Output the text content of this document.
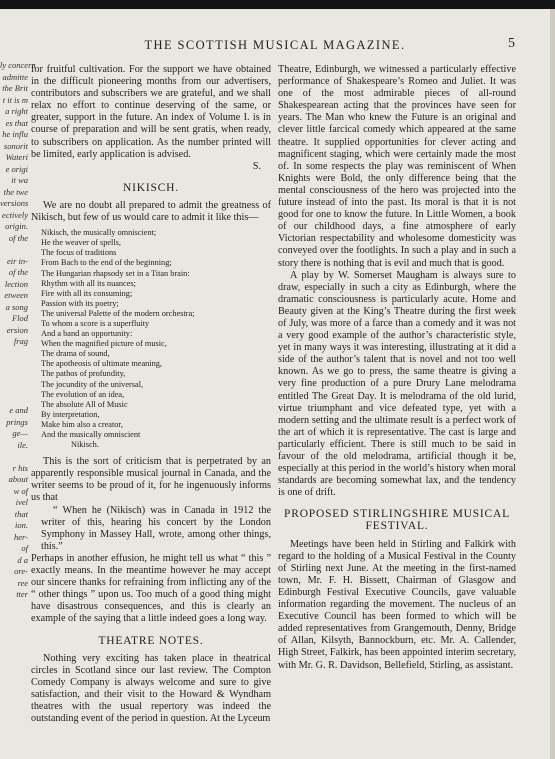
ly concern
admitte
the Brit
t it is m
a right
es that
he influ
sonorit
Wateri
e origi
it wa
the twe
versions
ectively
origin.
of the

eir in-
of the
lection
etween
a song
Flod
ersion
frag

e and
prings
ge—
ile.

r his
about
w of
ivel
that
ion.
her-
of
d a
ore-
ree
tter

THE SCOTTISH MUSICAL MAGAZINE.	5

for fruitful cultivation. For the support we have obtained in the difficult pioneering months from our advertisers, contributors and subscribers we are grateful, and we shall relax no effort to continue deserving of the same, or greater, support in the future. An index of Volume I. is in course of preparation and will be sent gratis, when ready, to subscribers on application. As the number printed will be limited, early application is advised.

S.
NIKISCH.

We are no doubt all prepared to admit the greatness of Nikisch, but few of us would care to admit it like this—

Nikisch, the musically omniscient;
He the weaver of spells,
The focus of traditions
From Bach to the end of the beginning;
The Hungarian rhapsody set in a Titan brain:
Rhythm with all its nuances;
Fire with all its consuming;
Passion with its poetry;
The universal Palette of the modern orchestra;
To whom a score is a superfluity
And a band an opportunity:
When the magnified picture of music,
The drama of sound,
The apotheosis of ultimate meaning,
The pathos of profundity,
The jocundity of the universal,
The evolution of an idea,
The absolute All of Music
By interpretation,
Make him also a creator,
And the musically omniscient
Nikisch.

This is the sort of criticism that is perpetrated by an apparently responsible musical journal in Canada, and the writer seems to be proud of it, for he ingenuously informs us that

“ When he (Nikisch) was in Canada in 1912 the writer of this, hearing his concert by the London Symphony in Massey Hall, wrote, among other things, this.”

Perhaps in another effusion, he might tell us what “ this ” exactly means. In the meantime however he may accept our sincere thanks for refraining from inflicting any of the “ other things ” upon us. Too much of a good thing might have disastrous consequences, and this is clearly an example of the saying that a little indeed goes a long way.

THEATRE NOTES.

Nothing very exciting has taken place in theatrical circles in Scotland since our last review. The Compton Comedy Company is always welcome and sure to give satisfaction, and their visit to the Howard & Wyndham theatres with the usual repertory was indeed the outstanding event of the period in question. At the Lyceum

Theatre, Edinburgh, we witnessed a particularly effective performance of Shakespeare’s Romeo and Juliet. It was one of the most admirable pieces of all-round Shakespearean acting that the provinces have seen for years. The Man who knew the Future is an original and clever little farcical comedy which appeared at the same theatre. It supplied opportunities for clever acting and magnificent staging, which were certainly made the most of. In some respects the play was reminiscent of When Knights were Bold, the only difference being that the mental consciousness of the hero was projected into the future instead of into the past. Its moral is that it is not good for one to know the future. In Little Women, a book of our childhood days, a fine atmosphere of early Victorian respectability and wholesome domesticity was conveyed over the footlights. In such a play and in such a story there is nothing that is evil and much that is good.

A play by W. Somerset Maugham is always sure to draw, especially in such a city as Edinburgh, where the dramatic consciousness is particularly acute. Home and Beauty given at the King’s Theatre during the first week of July, was more of a farce than a comedy and it was not a very good example of the author’s characteristic style, yet in many ways it was interesting, illustrating at it did a side of the author’s talent that is novel and not too well known. As we go to press, the same theatre is giving a very fine production of a pure Drury Lane melodrama entitled The Great Day. It is melodrama of the old lurid, virtue triumphant and vice defeated type, yet with a modern setting and the ultimate result is a perfect work of the art of which it is representative. The cast is large and particularly efficient. There is still much to be said in favour of the old melodrama, artificial though it be, especially at this period in the world’s history when moral standards are becoming somewhat lax, and the tendency is one of drift.

PROPOSED STIRLINGSHIRE MUSICAL FESTIVAL.

Meetings have been held in Stirling and Falkirk with regard to the holding of a Musical Festival in the County of Stirling next June. At the meeting in the first-named town, Mr. F. H. Bissett, Chairman of Glasgow and Edinburgh Festival Executive Councils, gave valuable information regarding the movement. The nucleus of an Executive Council has been formed to which will be added representatives from Grangemouth, Denny, Bridge of Allan, Kilsyth, Bannockburn, etc. Mr. A. Callender, High Street, Falkirk, has been appointed interim secretary, with Mr. G. R. Davidson, Bellefield, Stirling, as assistant.
